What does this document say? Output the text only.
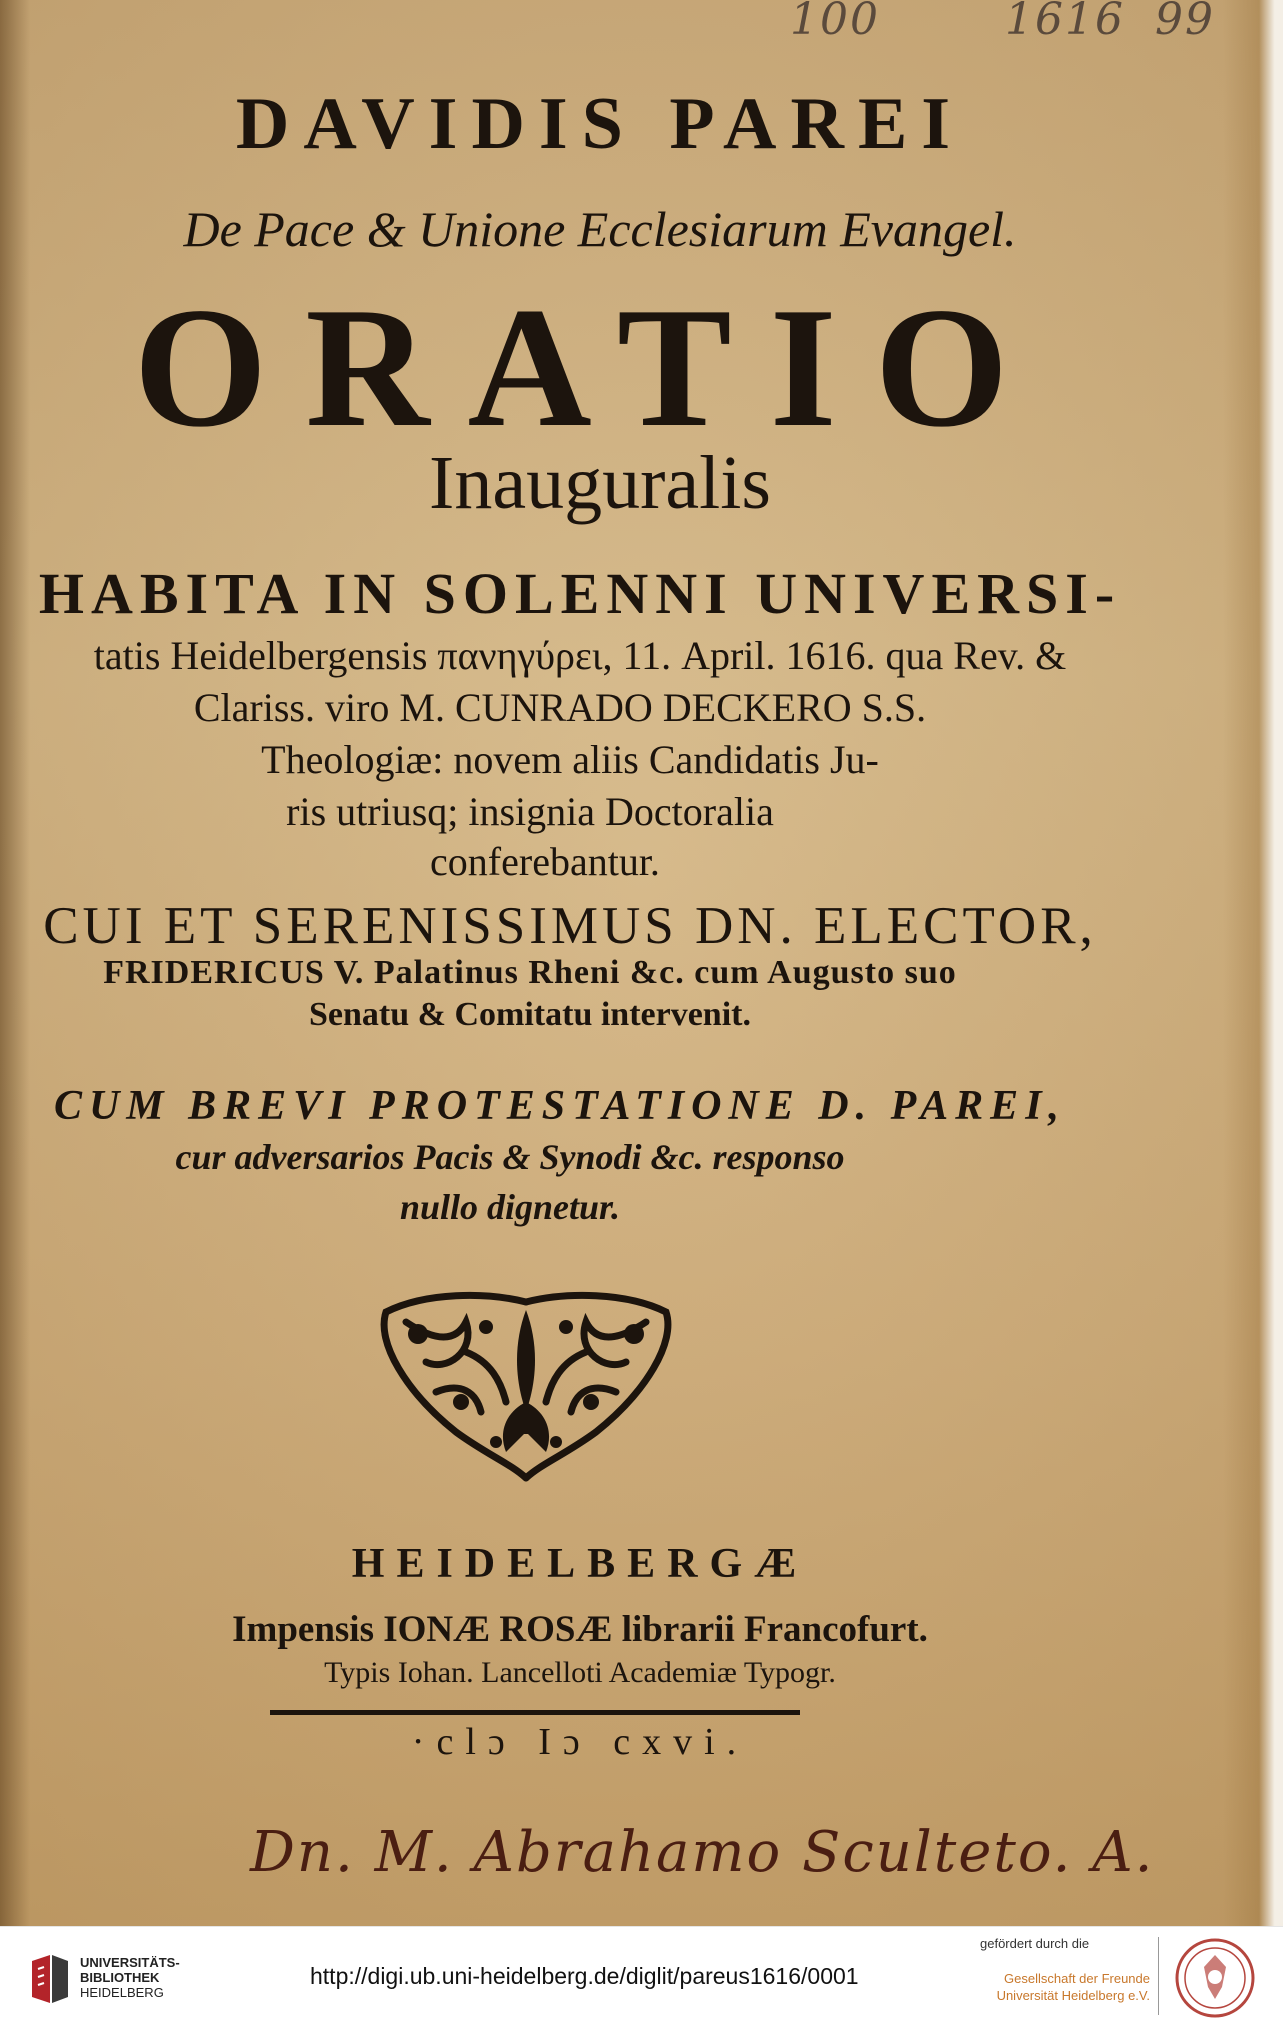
100	1616 99
DAVIDIS PAREI
De Pace & Unione Ecclesiarum Evangel.
ORATIO
Inauguralis
HABITA IN SOLENNI UNIVERSI-
tatis Heidelbergensis πανηγύρει, 11. April. 1616. qua Rev. &
Clariss. viro M. CUNRADO DECKERO S.S.
Theologiæ: novem aliis Candidatis Ju-
ris utriusq; insignia Doctoralia
conferebantur.
CUI ET SERENISSIMUS DN. ELECTOR,
FRIDERICUS V. Palatinus Rheni &c. cum Augusto suo
Senatu & Comitatu intervenit.
CUM BREVI PROTESTATIONE D. PAREI,
cur adversarios Pacis & Synodi &c. responso
nullo dignetur.
HEIDELBERGÆ
Impensis IONÆ ROSÆ librarii Francofurt.
Typis Iohan. Lancelloti Academiæ Typogr.
·clɔ Iɔ cxvi.
Dn. M. Abrahamo Sculteto. A.
UNIVERSITÄTS-
BIBLIOTHEK
HEIDELBERG
http://digi.ub.uni-heidelberg.de/diglit/pareus1616/0001
gefördert durch die
Gesellschaft der Freunde
Universität Heidelberg e.V.
